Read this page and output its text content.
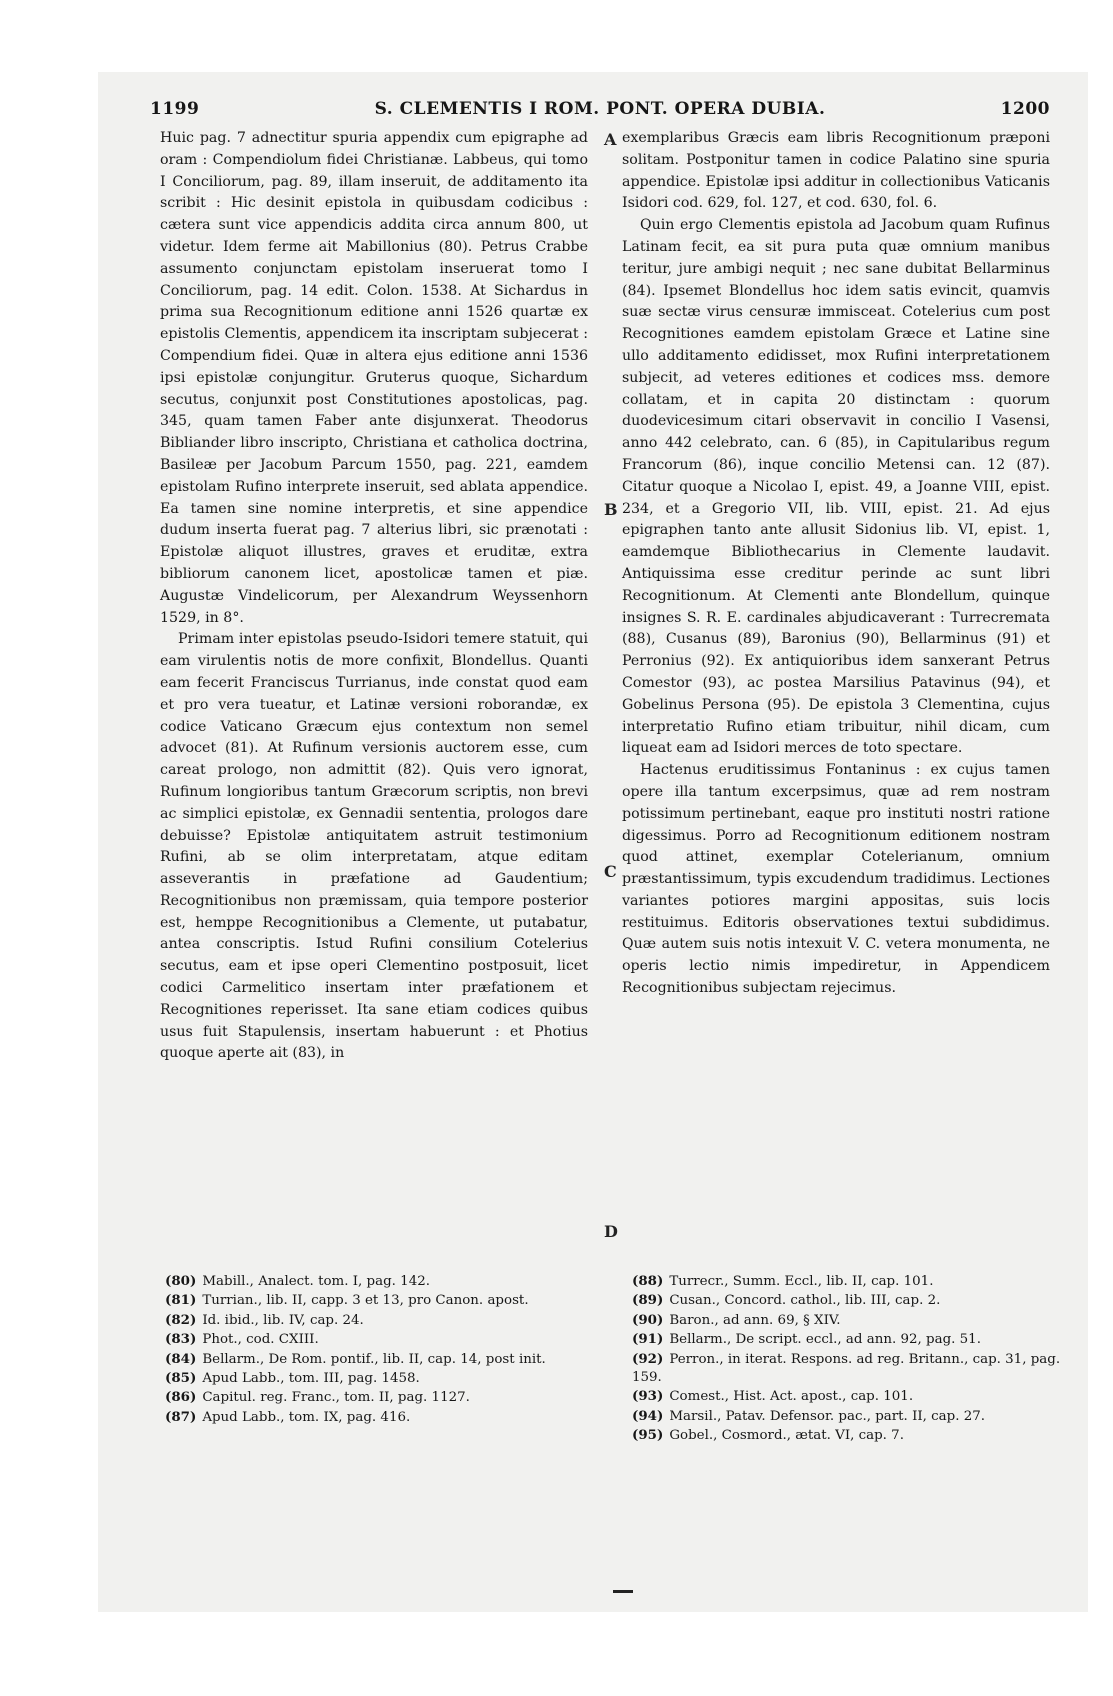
1199	S. CLEMENTIS I ROM. PONT. OPERA DUBIA.	1200
A
B
C
D

Huic pag. 7 adnectitur spuria appendix cum epigraphe ad oram : Compendiolum fidei Christianæ. Labbeus, qui tomo I Conciliorum, pag. 89, illam inseruit, de additamento ita scribit : Hic desinit epistola in quibusdam codicibus : cætera sunt vice appendicis addita circa annum 800, ut videtur. Idem ferme ait Mabillonius (80). Petrus Crabbe assumento conjunctam epistolam inseruerat tomo I Conciliorum, pag. 14 edit. Colon. 1538. At Sichardus in prima sua Recognitionum editione anni 1526 quartæ ex epistolis Clementis, appendicem ita inscriptam subjecerat : Compendium fidei. Quæ in altera ejus editione anni 1536 ipsi epistolæ conjungitur. Gruterus quoque, Sichardum secutus, conjunxit post Constitutiones apostolicas, pag. 345, quam tamen Faber ante disjunxerat. Theodorus Bibliander libro inscripto, Christiana et catholica doctrina, Basileæ per Jacobum Parcum 1550, pag. 221, eamdem epistolam Rufino interprete inseruit, sed ablata appendice. Ea tamen sine nomine interpretis, et sine appendice dudum inserta fuerat pag. 7 alterius libri, sic prænotati : Epistolæ aliquot illustres, graves et eruditæ, extra bibliorum canonem licet, apostolicæ tamen et piæ. Augustæ Vindelicorum, per Alexandrum Weyssenhorn 1529, in 8°.

Primam inter epistolas pseudo-Isidori temere statuit, qui eam virulentis notis de more confixit, Blondellus. Quanti eam fecerit Franciscus Turrianus, inde constat quod eam et pro vera tueatur, et Latinæ versioni roborandæ, ex codice Vaticano Græcum ejus contextum non semel advocet (81). At Rufinum versionis auctorem esse, cum careat prologo, non admittit (82). Quis vero ignorat, Rufinum longioribus tantum Græcorum scriptis, non brevi ac simplici epistolæ, ex Gennadii sententia, prologos dare debuisse? Epistolæ antiquitatem astruit testimonium Rufini, ab se olim interpretatam, atque editam asseverantis in præfatione ad Gaudentium; Recognitionibus non præmissam, quia tempore posterior est, hemppe Recognitionibus a Clemente, ut putabatur, antea conscriptis. Istud Rufini consilium Cotelerius secutus, eam et ipse operi Clementino postposuit, licet codici Carmelitico insertam inter præfationem et Recognitiones reperisset. Ita sane etiam codices quibus usus fuit Stapulensis, insertam habuerunt : et Photius quoque aperte ait (83), in

exemplaribus Græcis eam libris Recognitionum præponi solitam. Postponitur tamen in codice Palatino sine spuria appendice. Epistolæ ipsi additur in collectionibus Vaticanis Isidori cod. 629, fol. 127, et cod. 630, fol. 6.

Quin ergo Clementis epistola ad Jacobum quam Rufinus Latinam fecit, ea sit pura puta quæ omnium manibus teritur, jure ambigi nequit ; nec sane dubitat Bellarminus (84). Ipsemet Blondellus hoc idem satis evincit, quamvis suæ sectæ virus censuræ immisceat. Cotelerius cum post Recognitiones eamdem epistolam Græce et Latine sine ullo additamento edidisset, mox Rufini interpretationem subjecit, ad veteres editiones et codices mss. demore collatam, et in capita 20 distinctam : quorum duodevicesimum citari observavit in concilio I Vasensi, anno 442 celebrato, can. 6 (85), in Capitularibus regum Francorum (86), inque concilio Metensi can. 12 (87). Citatur quoque a Nicolao I, epist. 49, a Joanne VIII, epist. 234, et a Gregorio VII, lib. VIII, epist. 21. Ad ejus epigraphen tanto ante allusit Sidonius lib. VI, epist. 1, eamdemque Bibliothecarius in Clemente laudavit. Antiquissima esse creditur perinde ac sunt libri Recognitionum. At Clementi ante Blondellum, quinque insignes S. R. E. cardinales abjudicaverant : Turrecremata (88), Cusanus (89), Baronius (90), Bellarminus (91) et Perronius (92). Ex antiquioribus idem sanxerant Petrus Comestor (93), ac postea Marsilius Patavinus (94), et Gobelinus Persona (95). De epistola 3 Clementina, cujus interpretatio Rufino etiam tribuitur, nihil dicam, cum liqueat eam ad Isidori merces de toto spectare.

Hactenus eruditissimus Fontaninus : ex cujus tamen opere illa tantum excerpsimus, quæ ad rem nostram potissimum pertinebant, eaque pro instituti nostri ratione digessimus. Porro ad Recognitionum editionem nostram quod attinet, exemplar Cotelerianum, omnium præstantissimum, typis excudendum tradidimus. Lectiones variantes potiores margini appositas, suis locis restituimus. Editoris observationes textui subdidimus. Quæ autem suis notis intexuit V. C. vetera monumenta, ne operis lectio nimis impediretur, in Appendicem Recognitionibus subjectam rejecimus.

(80) Mabill., Analect. tom. I, pag. 142.

(81) Turrian., lib. II, capp. 3 et 13, pro Canon. apost.

(82) Id. ibid., lib. IV, cap. 24.

(83) Phot., cod. CXIII.

(84) Bellarm., De Rom. pontif., lib. II, cap. 14, post init.

(85) Apud Labb., tom. III, pag. 1458.

(86) Capitul. reg. Franc., tom. II, pag. 1127.

(87) Apud Labb., tom. IX, pag. 416.

(88) Turrecr., Summ. Eccl., lib. II, cap. 101.

(89) Cusan., Concord. cathol., lib. III, cap. 2.

(90) Baron., ad ann. 69, § XIV.

(91) Bellarm., De script. eccl., ad ann. 92, pag. 51.

(92) Perron., in iterat. Respons. ad reg. Britann., cap. 31, pag. 159.

(93) Comest., Hist. Act. apost., cap. 101.

(94) Marsil., Patav. Defensor. pac., part. II, cap. 27.

(95) Gobel., Cosmord., ætat. VI, cap. 7.
